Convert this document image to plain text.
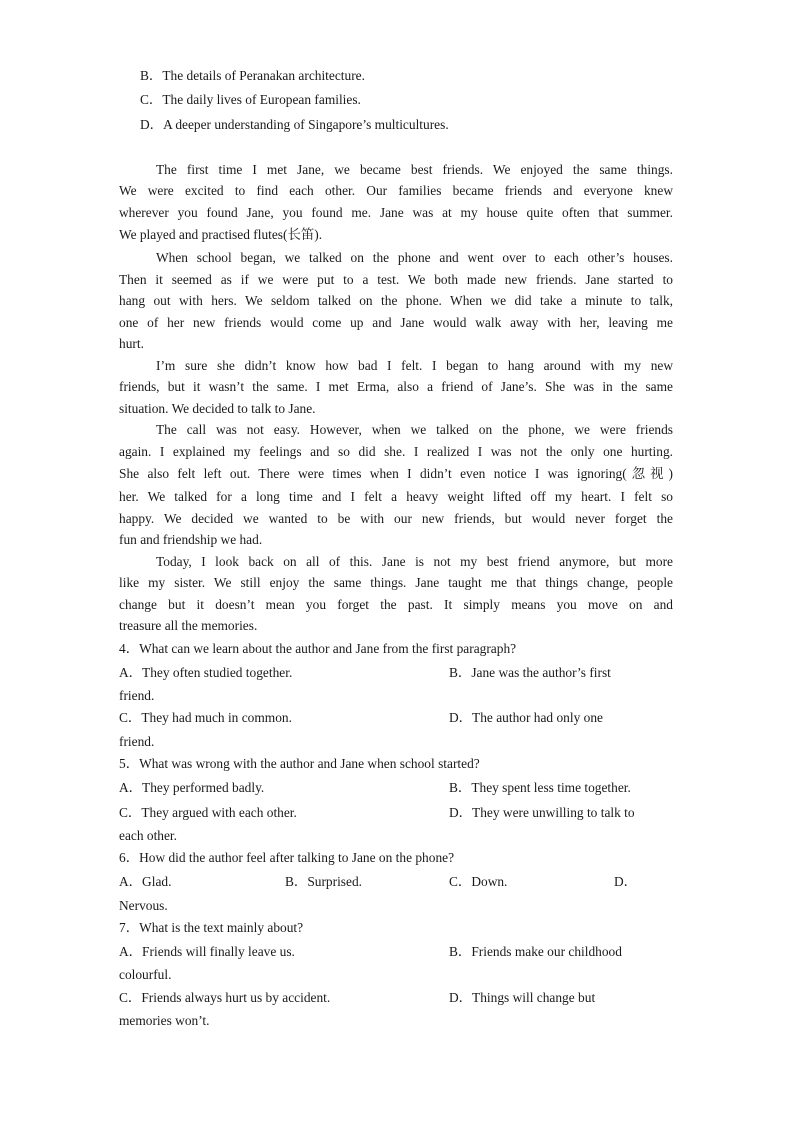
B．The details of Peranakan architecture.
C．The daily lives of European families.
D．A deeper understanding of Singapore’s multicultures.
The first time I met Jane, we became best friends. We enjoyed the same things.
We were excited to find each other. Our families became friends and everyone knew
wherever you found Jane, you found me. Jane was at my house quite often that summer.
We played and practised flutes(长笛).
When school began, we talked on the phone and went over to each other’s houses.
Then it seemed as if we were put to a test. We both made new friends. Jane started to
hang out with hers. We seldom talked on the phone. When we did take a minute to talk,
one of her new friends would come up and Jane would walk away with her, leaving me
hurt.
I’m sure she didn’t know how bad I felt. I began to hang around with my new
friends, but it wasn’t the same. I met Erma, also a friend of Jane’s. She was in the same
situation. We decided to talk to Jane.
The call was not easy. However, when we talked on the phone, we were friends
again. I explained my feelings and so did she. I realized I was not the only one hurting.
She also felt left out. There were times when I didn’t even notice I was ignoring(忽视)
her. We talked for a long time and I felt a heavy weight lifted off my heart. I felt so
happy. We decided we wanted to be with our new friends, but would never forget the
fun and friendship we had.
Today, I look back on all of this. Jane is not my best friend anymore, but more
like my sister. We still enjoy the same things. Jane taught me that things change, people
change but it doesn’t mean you forget the past. It simply means you move on and
treasure all the memories.
4．What can we learn about the author and Jane from the first paragraph?
A．They often studied together.	B．Jane was the author’s first
friend.
C．They had much in common.	D．The author had only one
friend.
5．What was wrong with the author and Jane when school started?
A．They performed badly.	B．They spent less time together.
C．They argued with each other.	D．They were unwilling to talk to
each other.
6．How did the author feel after talking to Jane on the phone?
A．Glad.	B．Surprised.	C．Down.	D．
Nervous.
7．What is the text mainly about?
A．Friends will finally leave us.	B．Friends make our childhood
colourful.
C．Friends always hurt us by accident.	D．Things will change but
memories won’t.
